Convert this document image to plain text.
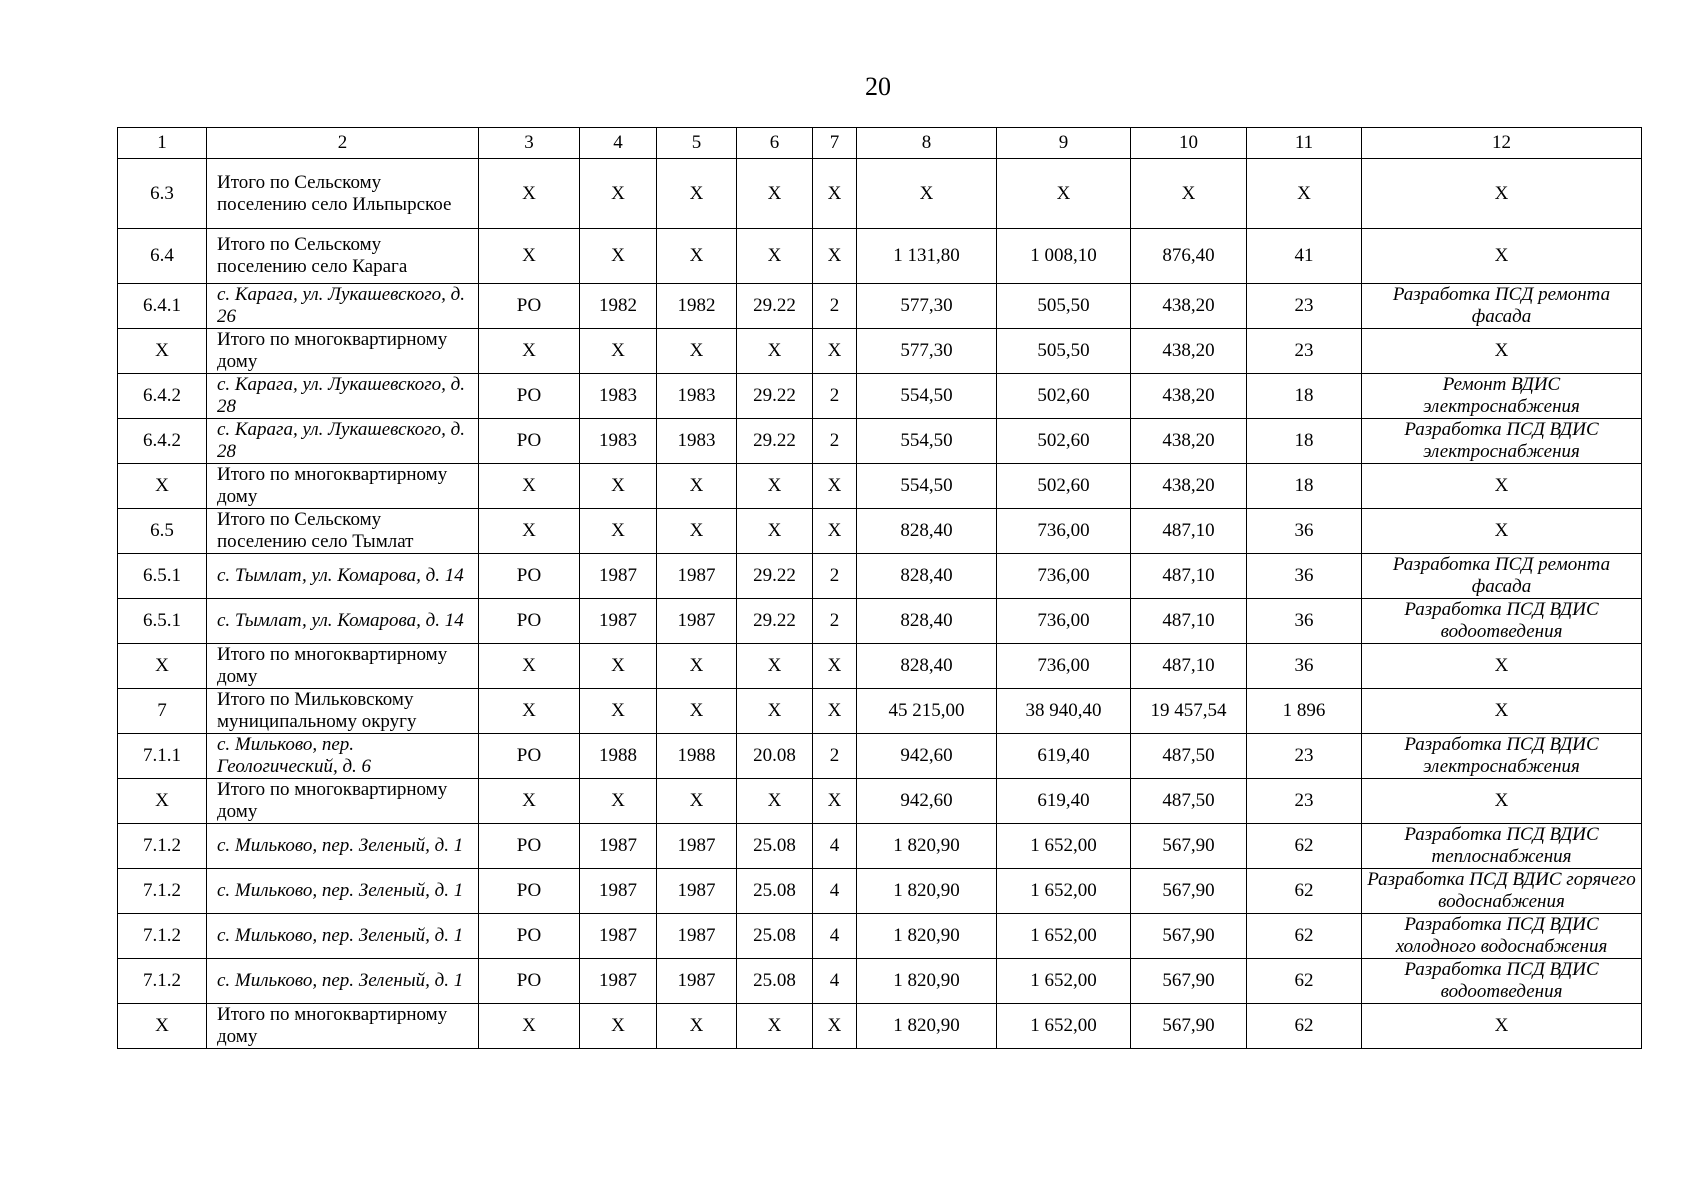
20
1	2	3	4	5	6	7	8	9	10	11	12
6.3	Итого по Сельскому поселению село Ильпырское	Х	Х	Х	Х	Х	Х	Х	Х	Х	Х
6.4	Итого по Сельскому поселению село Карага	Х	Х	Х	Х	Х	1 131,80	1 008,10	876,40	41	Х
6.4.1	с. Карага, ул. Лукашевского, д. 26	РО	1982	1982	29.22	2	577,30	505,50	438,20	23	Разработка ПСД ремонта фасада
Х	Итого по многоквартирному дому	Х	Х	Х	Х	Х	577,30	505,50	438,20	23	Х
6.4.2	с. Карага, ул. Лукашевского, д. 28	РО	1983	1983	29.22	2	554,50	502,60	438,20	18	Ремонт ВДИС электроснабжения
6.4.2	с. Карага, ул. Лукашевского, д. 28	РО	1983	1983	29.22	2	554,50	502,60	438,20	18	Разработка ПСД ВДИС электроснабжения
Х	Итого по многоквартирному дому	Х	Х	Х	Х	Х	554,50	502,60	438,20	18	Х
6.5	Итого по Сельскому поселению село Тымлат	Х	Х	Х	Х	Х	828,40	736,00	487,10	36	Х
6.5.1	с. Тымлат, ул. Комарова, д. 14	РО	1987	1987	29.22	2	828,40	736,00	487,10	36	Разработка ПСД ремонта фасада
6.5.1	с. Тымлат, ул. Комарова, д. 14	РО	1987	1987	29.22	2	828,40	736,00	487,10	36	Разработка ПСД ВДИС водоотведения
Х	Итого по многоквартирному дому	Х	Х	Х	Х	Х	828,40	736,00	487,10	36	Х
7	Итого по Мильковскому муниципальному округу	Х	Х	Х	Х	Х	45 215,00	38 940,40	19 457,54	1 896	Х
7.1.1	с. Мильково, пер. Геологический, д. 6	РО	1988	1988	20.08	2	942,60	619,40	487,50	23	Разработка ПСД ВДИС электроснабжения
Х	Итого по многоквартирному дому	Х	Х	Х	Х	Х	942,60	619,40	487,50	23	Х
7.1.2	с. Мильково, пер. Зеленый, д. 1	РО	1987	1987	25.08	4	1 820,90	1 652,00	567,90	62	Разработка ПСД ВДИС теплоснабжения
7.1.2	с. Мильково, пер. Зеленый, д. 1	РО	1987	1987	25.08	4	1 820,90	1 652,00	567,90	62	Разработка ПСД ВДИС горячего водоснабжения
7.1.2	с. Мильково, пер. Зеленый, д. 1	РО	1987	1987	25.08	4	1 820,90	1 652,00	567,90	62	Разработка ПСД ВДИС холодного водоснабжения
7.1.2	с. Мильково, пер. Зеленый, д. 1	РО	1987	1987	25.08	4	1 820,90	1 652,00	567,90	62	Разработка ПСД ВДИС водоотведения
Х	Итого по многоквартирному дому	Х	Х	Х	Х	Х	1 820,90	1 652,00	567,90	62	Х
